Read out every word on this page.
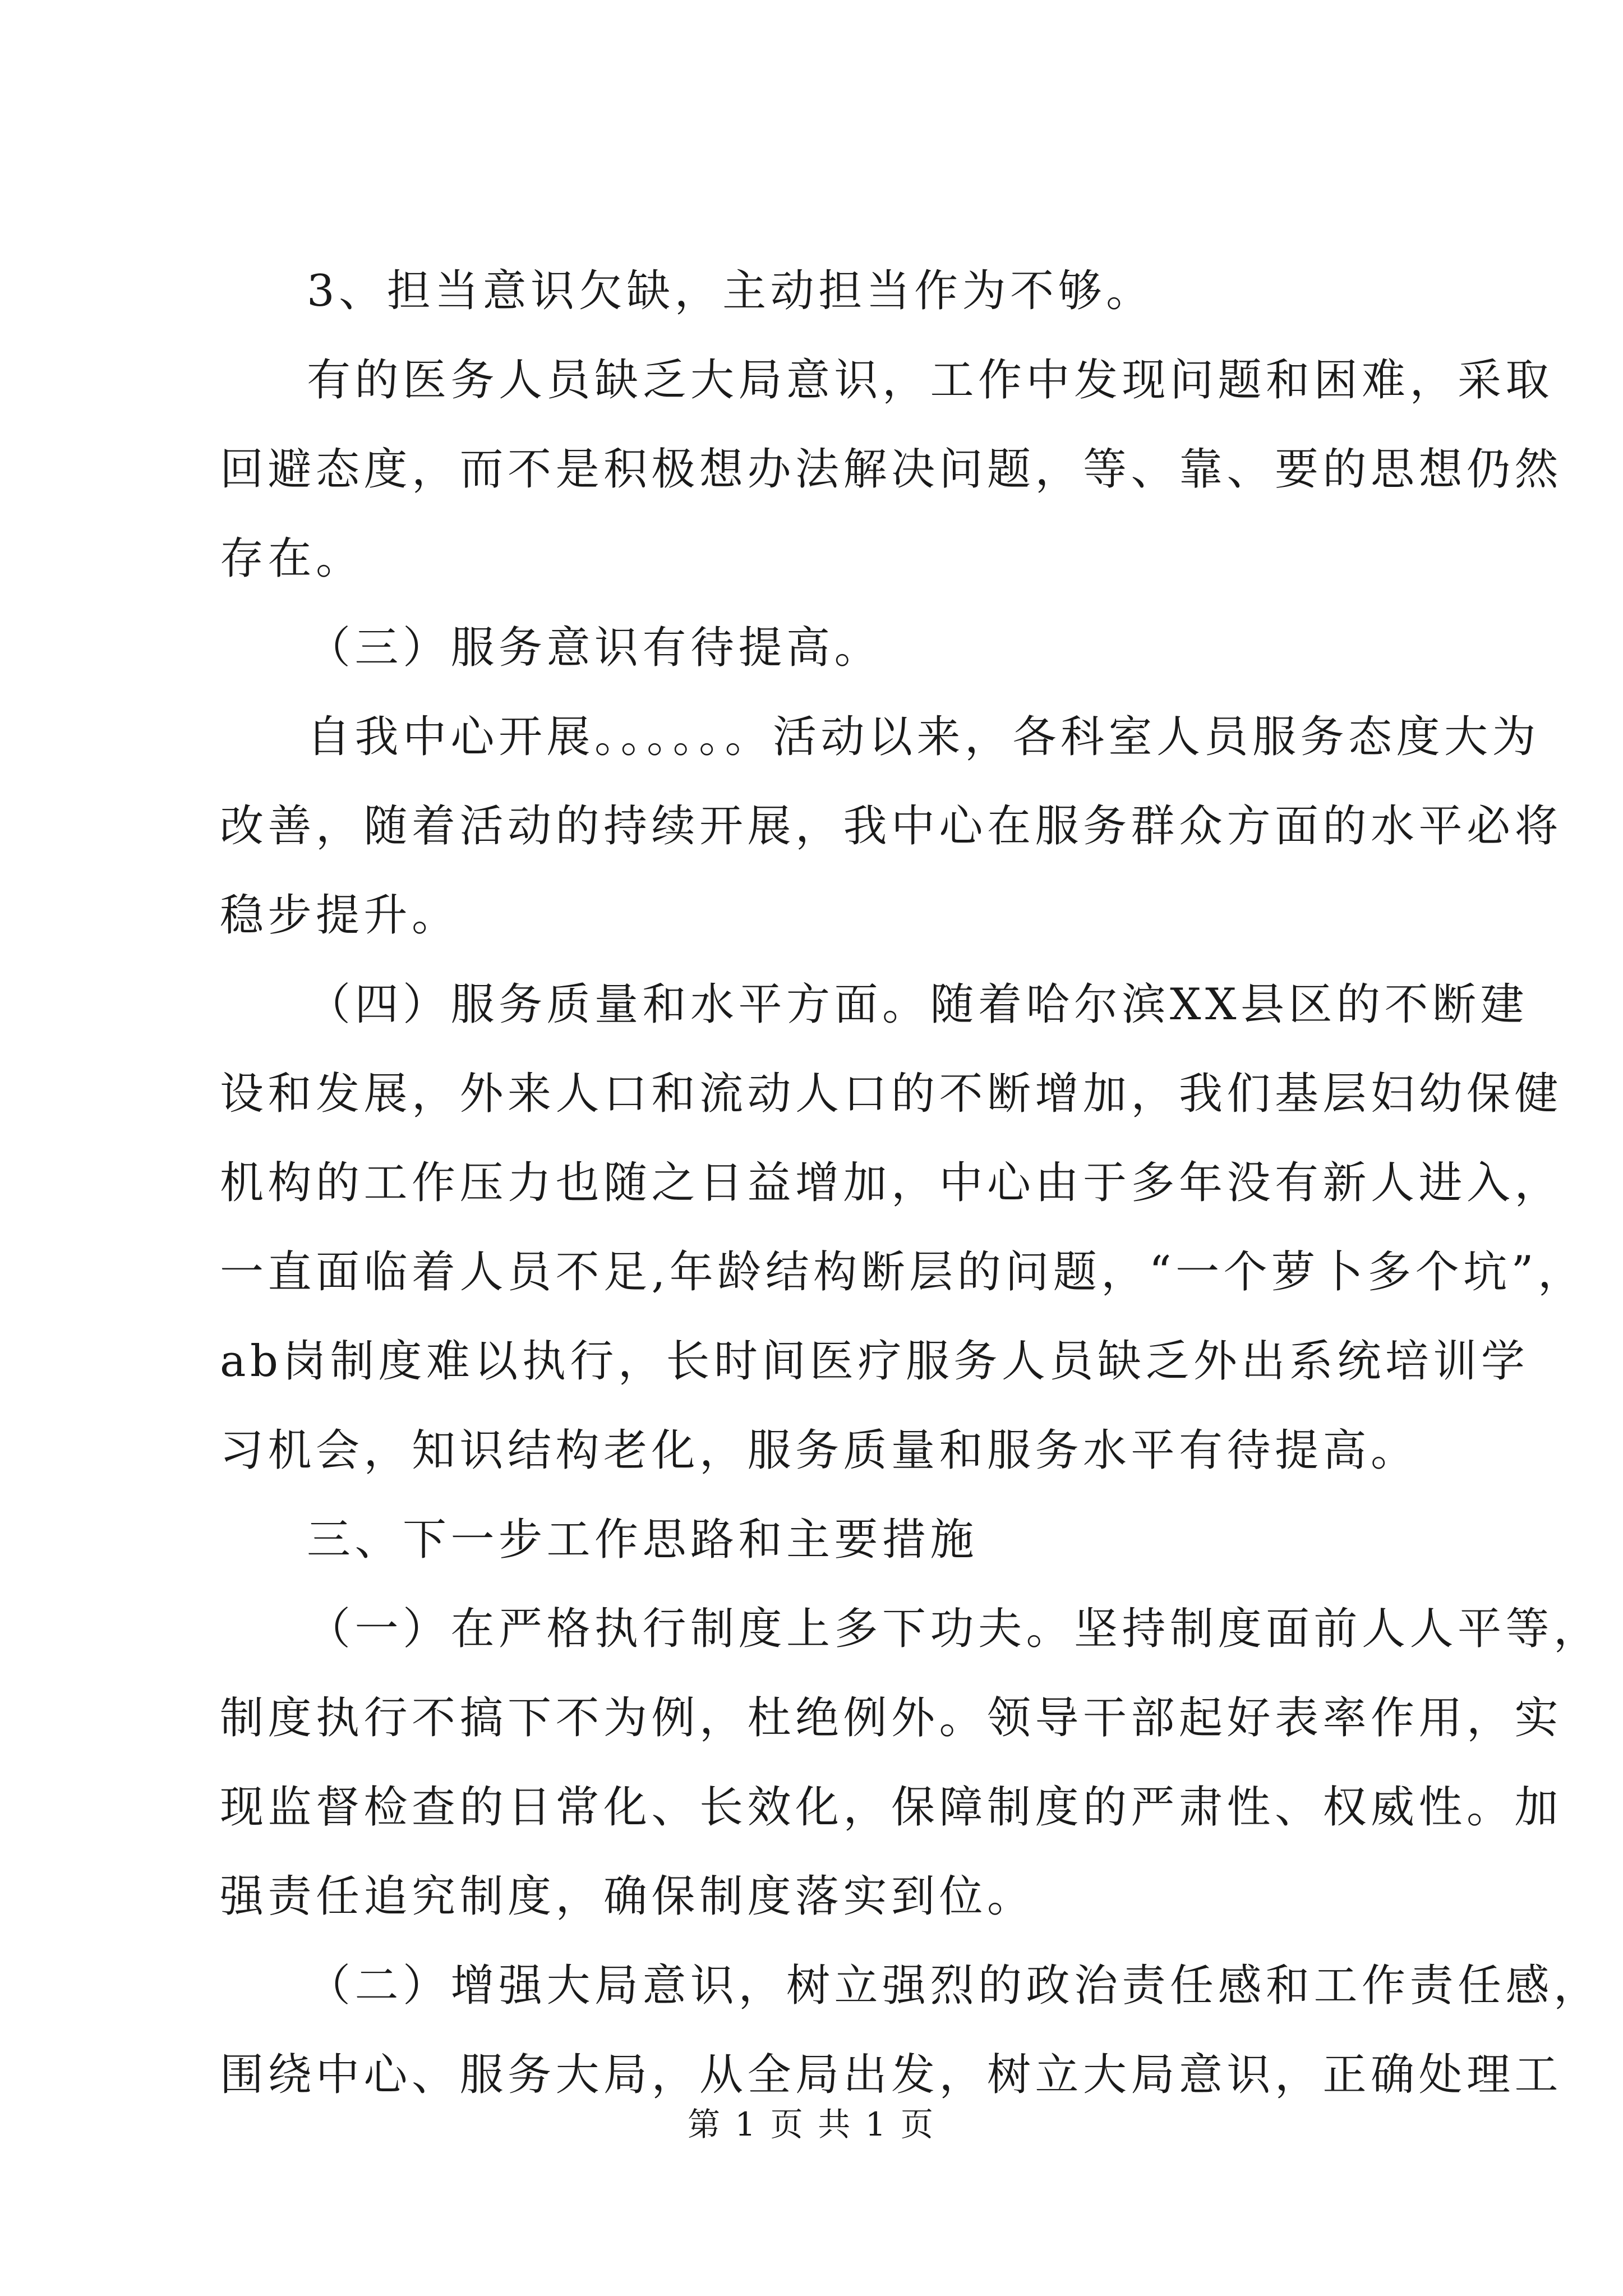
3、担当意识欠缺，主动担当作为不够。
有的医务人员缺乏大局意识，工作中发现问题和困难，采取
回避态度，而不是积极想办法解决问题，等、靠、要的思想仍然
存在。
（三）服务意识有待提高。
自我中心开展。。。。。。活动以来，各科室人员服务态度大为
改善，随着活动的持续开展，我中心在服务群众方面的水平必将
稳步提升。
（四）服务质量和水平方面。随着哈尔滨XX县区的不断建
设和发展，外来人口和流动人口的不断增加，我们基层妇幼保健
机构的工作压力也随之日益增加，中心由于多年没有新人进入，
一直面临着人员不足,年龄结构断层的问题，“一个萝卜多个坑”，
ab岗制度难以执行，长时间医疗服务人员缺乏外出系统培训学
习机会，知识结构老化，服务质量和服务水平有待提高。
三、下一步工作思路和主要措施
（一）在严格执行制度上多下功夫。坚持制度面前人人平等，
制度执行不搞下不为例，杜绝例外。领导干部起好表率作用，实
现监督检查的日常化、长效化，保障制度的严肃性、权威性。加
强责任追究制度，确保制度落实到位。
（二）增强大局意识，树立强烈的政治责任感和工作责任感，
围绕中心、服务大局，从全局出发，树立大局意识，正确处理工
第 1 页 共 1 页
